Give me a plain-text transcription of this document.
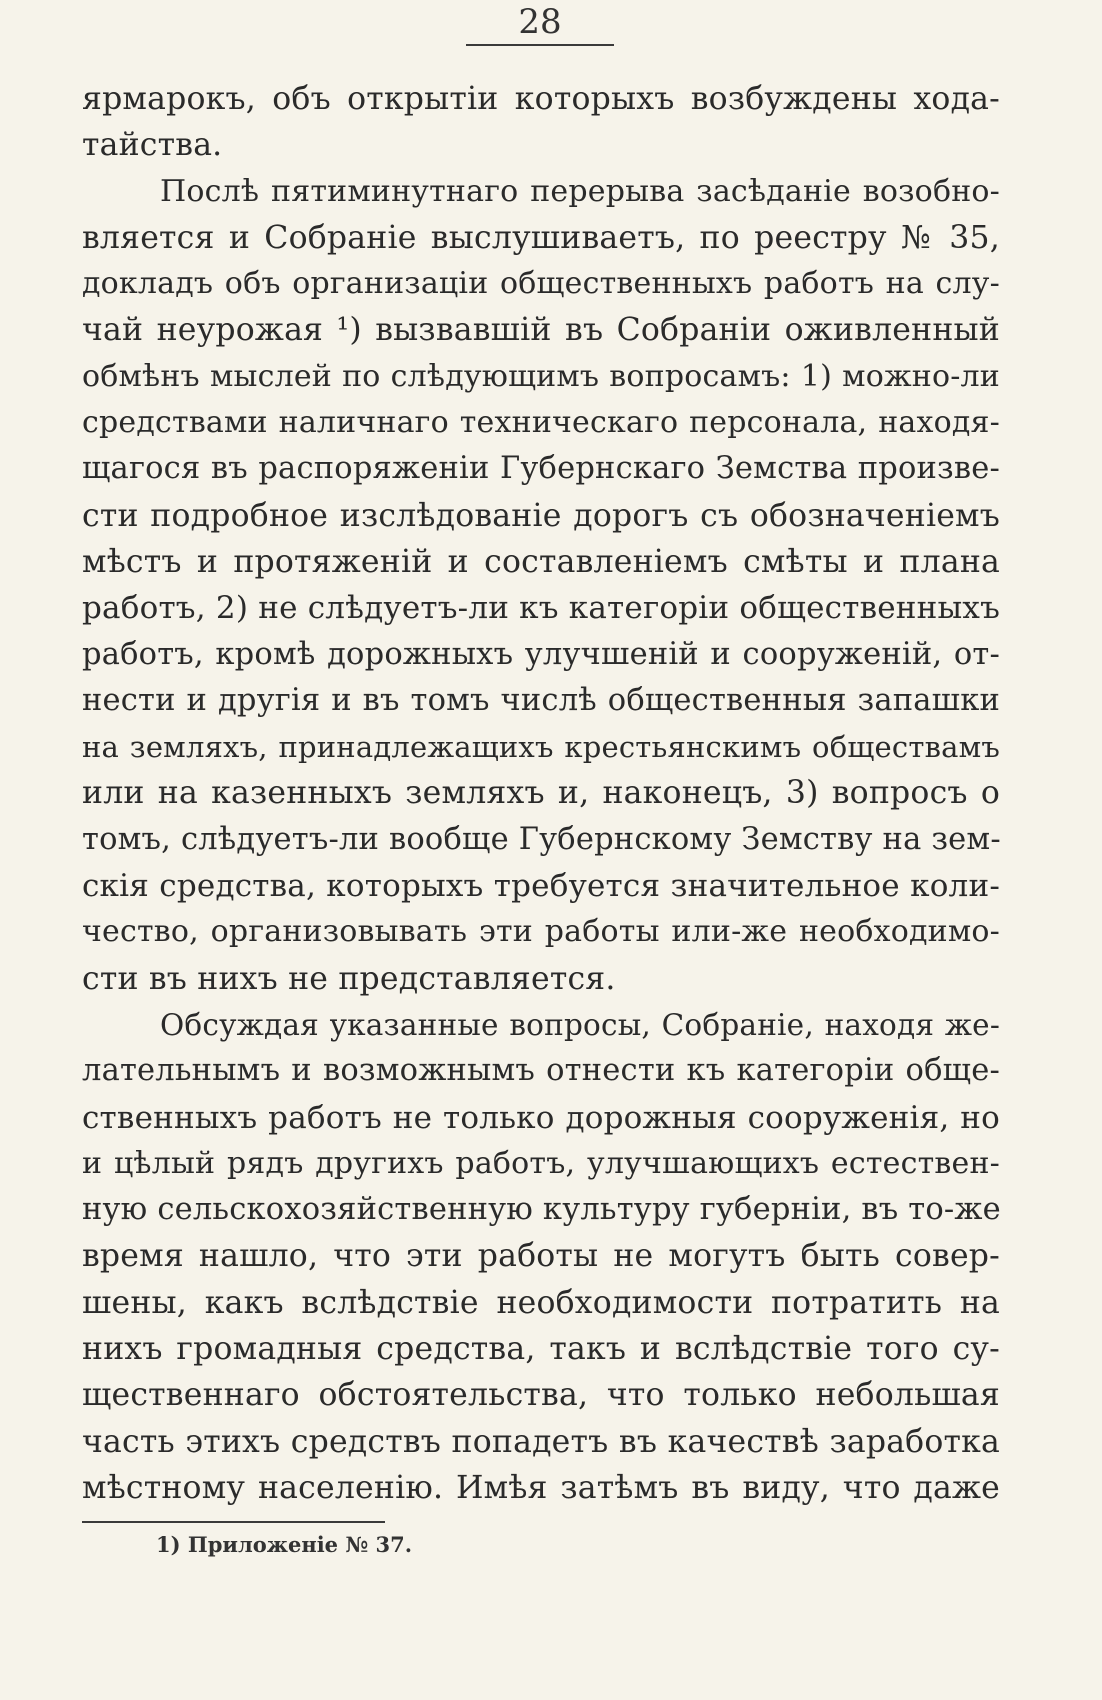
28
ярмарокъ, объ открытіи которыхъ возбуждены хода-
тайства.
Послѣ пятиминутнаго перерыва засѣданіе возобно-
вляется и Собраніе выслушиваетъ, по реестру № 35,
докладъ объ организаціи общественныхъ работъ на слу-
чай неурожая ¹) вызвавшій въ Собраніи оживленный
обмѣнъ мыслей по слѣдующимъ вопросамъ: 1) можно-ли
средствами наличнаго техническаго персонала, находя-
щагося въ распоряженіи Губернскаго Земства произве-
сти подробное изслѣдованіе дорогъ съ обозначеніемъ
мѣстъ и протяженій и составленіемъ смѣты и плана
работъ, 2) не слѣдуетъ-ли къ категоріи общественныхъ
работъ, кромѣ дорожныхъ улучшеній и сооруженій, от-
нести и другія и въ томъ числѣ общественныя запашки
на земляхъ, принадлежащихъ крестьянскимъ обществамъ
или на казенныхъ земляхъ и, наконецъ, 3) вопросъ о
томъ, слѣдуетъ-ли вообще Губернскому Земству на зем-
скія средства, которыхъ требуется значительное коли-
чество, организовывать эти работы или-же необходимо-
сти въ нихъ не представляется.
Обсуждая указанные вопросы, Собраніе, находя же-
лательнымъ и возможнымъ отнести къ категоріи обще-
ственныхъ работъ не только дорожныя сооруженія, но
и цѣлый рядъ другихъ работъ, улучшающихъ естествен-
ную сельскохозяйственную культуру губерніи, въ то-же
время нашло, что эти работы не могутъ быть совер-
шены, какъ вслѣдствіе необходимости потратить на
нихъ громадныя средства, такъ и вслѣдствіе того су-
щественнаго обстоятельства, что только небольшая
часть этихъ средствъ попадетъ въ качествѣ заработка
мѣстному населенію. Имѣя затѣмъ въ виду, что даже
1) Приложеніе № 37.
